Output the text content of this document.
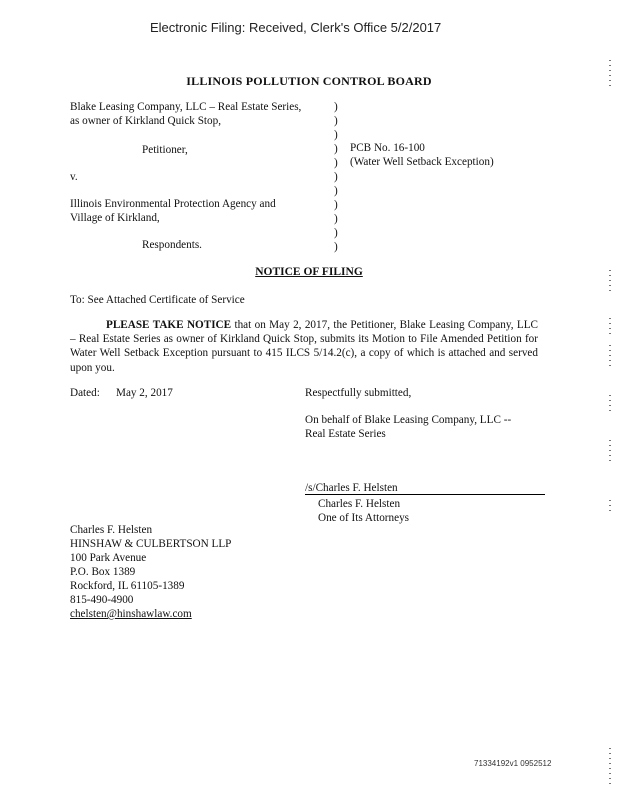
Electronic Filing: Received, Clerk's Office 5/2/2017
ILLINOIS POLLUTION CONTROL BOARD
Blake Leasing Company, LLC – Real Estate Series,
as owner of Kirkland Quick Stop,
Petitioner,
v.
Illinois Environmental Protection Agency and
Village of Kirkland,
Respondents.
)
)
)
)
)
)
)
)
)
)
)
PCB No. 16-100
(Water Well Setback Exception)
NOTICE OF FILING
To: See Attached Certificate of Service
PLEASE TAKE NOTICE that on May 2, 2017, the Petitioner, Blake Leasing Company, LLC – Real Estate Series as owner of Kirkland Quick Stop, submits its Motion to File Amended Petition for Water Well Setback Exception pursuant to 415 ILCS 5/14.2(c), a copy of which is attached and served upon you.
Dated: May 2, 2017	Respectfully submitted,
On behalf of Blake Leasing Company, LLC --
Real Estate Series
/s/Charles F. Helsten
Charles F. Helsten
One of Its Attorneys
Charles F. Helsten
HINSHAW & CULBERTSON LLP
100 Park Avenue
P.O. Box 1389
Rockford, IL 61105-1389
815-490-4900
chelsten@hinshawlaw.com
71334192v1 0952512
